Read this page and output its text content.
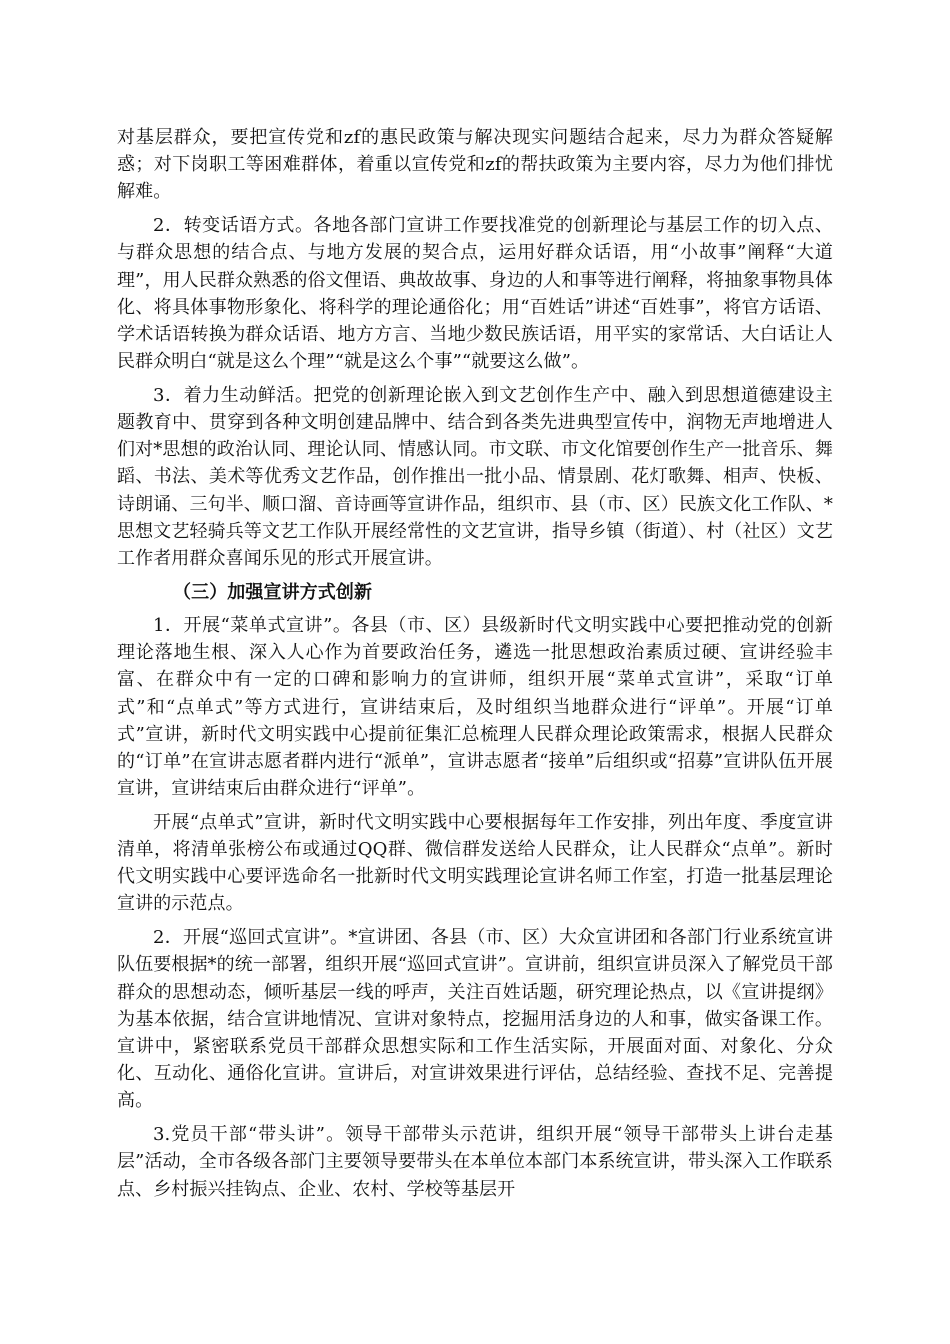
对基层群众，要把宣传党和zf的惠民政策与解决现实问题结合起来，尽力为群众答疑解惑；对下岗职工等困难群体，着重以宣传党和zf的帮扶政策为主要内容，尽力为他们排忧解难。

2．转变话语方式。各地各部门宣讲工作要找准党的创新理论与基层工作的切入点、与群众思想的结合点、与地方发展的契合点，运用好群众话语，用“小故事”阐释“大道理”，用人民群众熟悉的俗文俚语、典故故事、身边的人和事等进行阐释，将抽象事物具体化、将具体事物形象化、将科学的理论通俗化；用“百姓话”讲述“百姓事”，将官方话语、学术话语转换为群众话语、地方方言、当地少数民族话语，用平实的家常话、大白话让人民群众明白“就是这么个理”“就是这么个事”“就要这么做”。

3．着力生动鲜活。把党的创新理论嵌入到文艺创作生产中、融入到思想道德建设主题教育中、贯穿到各种文明创建品牌中、结合到各类先进典型宣传中，润物无声地增进人们对*思想的政治认同、理论认同、情感认同。市文联、市文化馆要创作生产一批音乐、舞蹈、书法、美术等优秀文艺作品，创作推出一批小品、情景剧、花灯歌舞、相声、快板、诗朗诵、三句半、顺口溜、音诗画等宣讲作品，组织市、县（市、区）民族文化工作队、*思想文艺轻骑兵等文艺工作队开展经常性的文艺宣讲，指导乡镇（街道）、村（社区）文艺工作者用群众喜闻乐见的形式开展宣讲。

（三）加强宣讲方式创新

1．开展“菜单式宣讲”。各县（市、区）县级新时代文明实践中心要把推动党的创新理论落地生根、深入人心作为首要政治任务，遴选一批思想政治素质过硬、宣讲经验丰富、在群众中有一定的口碑和影响力的宣讲师，组织开展“菜单式宣讲”，采取“订单式”和“点单式”等方式进行，宣讲结束后，及时组织当地群众进行“评单”。开展“订单式”宣讲，新时代文明实践中心提前征集汇总梳理人民群众理论政策需求，根据人民群众的“订单”在宣讲志愿者群内进行“派单”，宣讲志愿者“接单”后组织或“招募”宣讲队伍开展宣讲，宣讲结束后由群众进行“评单”。

开展“点单式”宣讲，新时代文明实践中心要根据每年工作安排，列出年度、季度宣讲清单，将清单张榜公布或通过QQ群、微信群发送给人民群众，让人民群众“点单”。新时代文明实践中心要评选命名一批新时代文明实践理论宣讲名师工作室，打造一批基层理论宣讲的示范点。

2．开展“巡回式宣讲”。*宣讲团、各县（市、区）大众宣讲团和各部门行业系统宣讲队伍要根据*的统一部署，组织开展“巡回式宣讲”。宣讲前，组织宣讲员深入了解党员干部群众的思想动态，倾听基层一线的呼声，关注百姓话题，研究理论热点，以《宣讲提纲》为基本依据，结合宣讲地情况、宣讲对象特点，挖掘用活身边的人和事，做实备课工作。宣讲中，紧密联系党员干部群众思想实际和工作生活实际，开展面对面、对象化、分众化、互动化、通俗化宣讲。宣讲后，对宣讲效果进行评估，总结经验、查找不足、完善提高。

3.党员干部“带头讲”。领导干部带头示范讲，组织开展“领导干部带头上讲台走基层”活动，全市各级各部门主要领导要带头在本单位本部门本系统宣讲，带头深入工作联系点、乡村振兴挂钩点、企业、农村、学校等基层开
